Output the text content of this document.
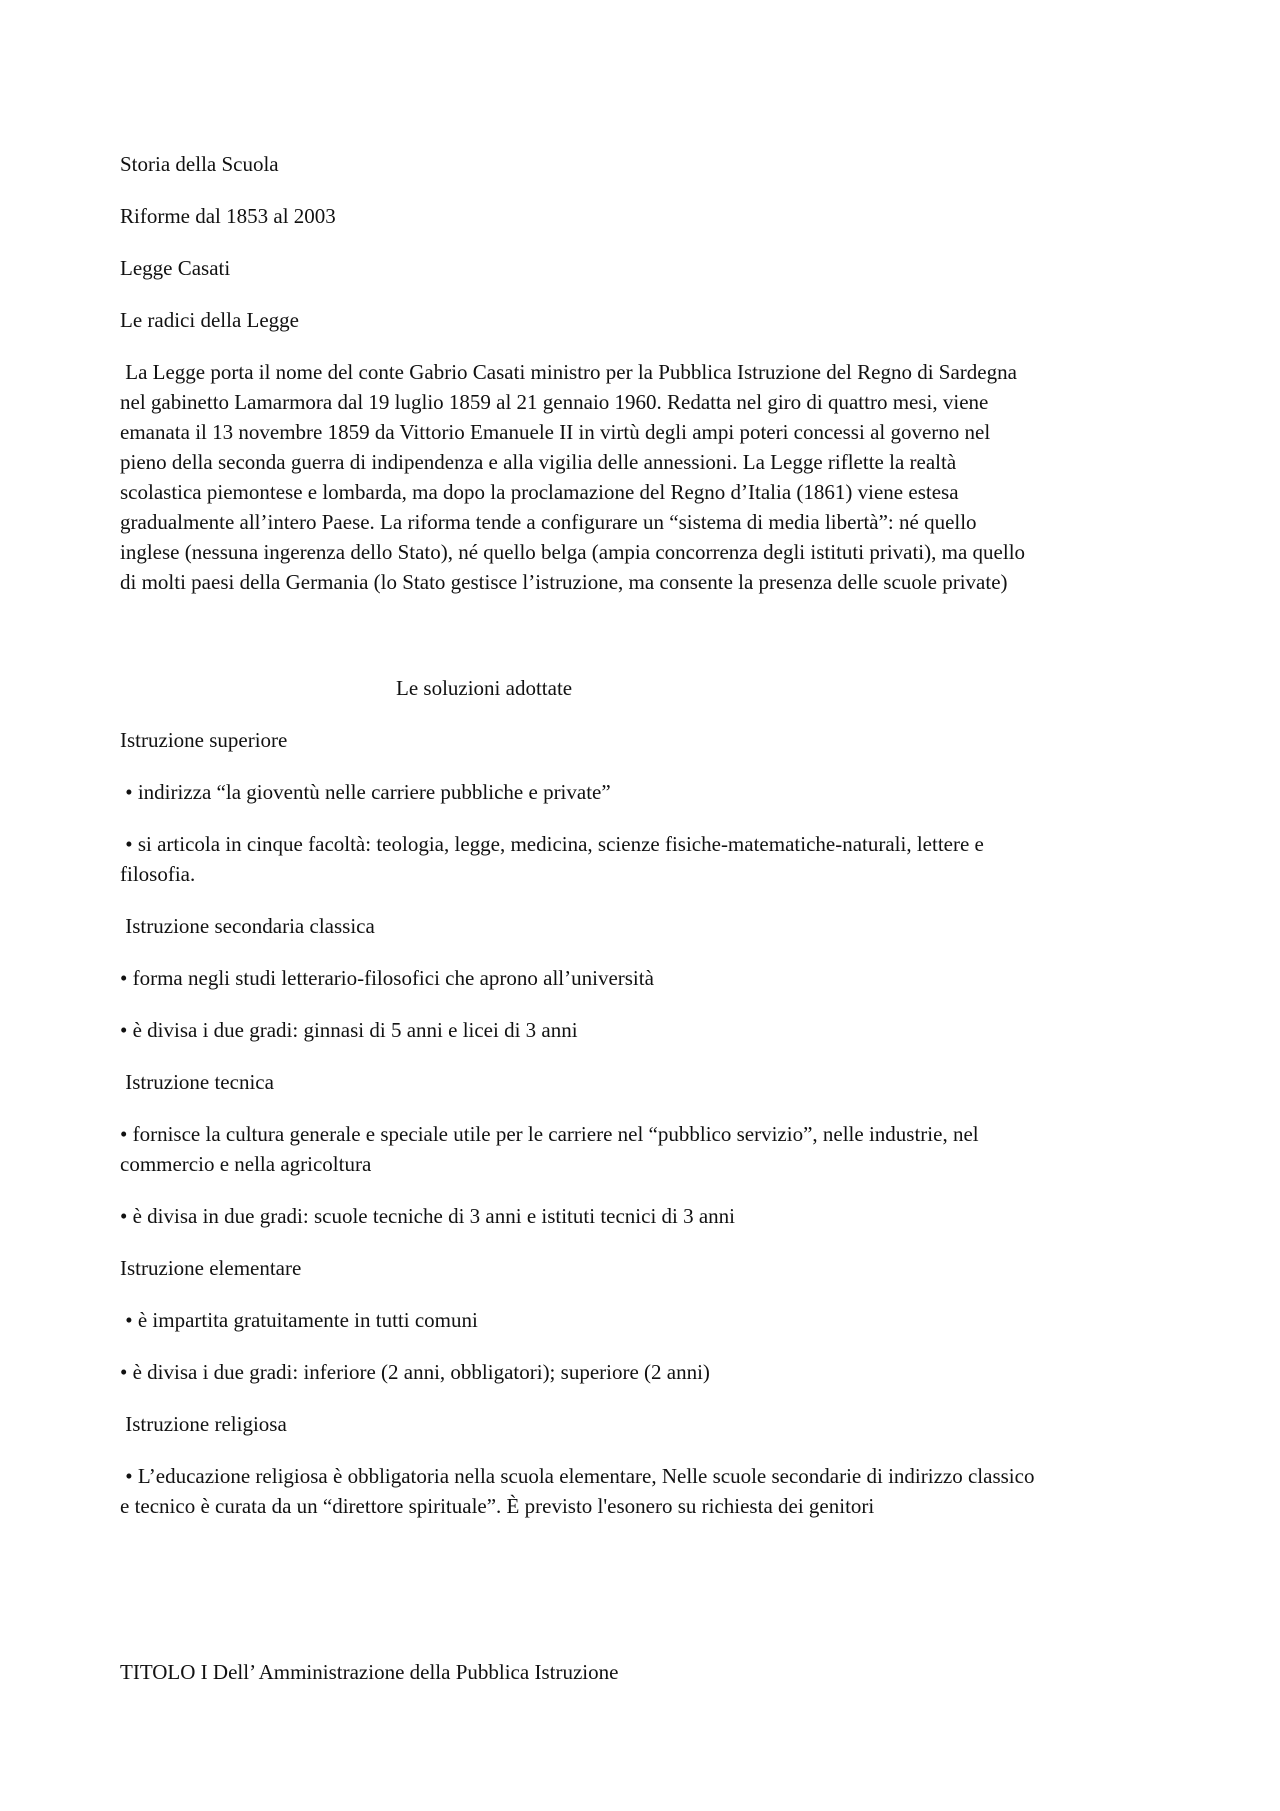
Storia della Scuola

Riforme dal 1853 al 2003

Legge Casati

Le radici della Legge

La Legge porta il nome del conte Gabrio Casati ministro per la Pubblica Istruzione del Regno di Sardegna
nel gabinetto Lamarmora dal 19 luglio 1859 al 21 gennaio 1960. Redatta nel giro di quattro mesi, viene
emanata il 13 novembre 1859 da Vittorio Emanuele II in virtù degli ampi poteri concessi al governo nel
pieno della seconda guerra di indipendenza e alla vigilia delle annessioni. La Legge riflette la realtà
scolastica piemontese e lombarda, ma dopo la proclamazione del Regno d’Italia (1861) viene estesa
gradualmente all’intero Paese. La riforma tende a configurare un “sistema di media libertà”: né quello
inglese (nessuna ingerenza dello Stato), né quello belga (ampia concorrenza degli istituti privati), ma quello
di molti paesi della Germania (lo Stato gestisce l’istruzione, ma consente la presenza delle scuole private)

Le soluzioni adottate

Istruzione superiore

• indirizza “la gioventù nelle carriere pubbliche e private”

• si articola in cinque facoltà: teologia, legge, medicina, scienze fisiche-matematiche-naturali, lettere e
filosofia.

Istruzione secondaria classica

• forma negli studi letterario-filosofici che aprono all’università

• è divisa i due gradi: ginnasi di 5 anni e licei di 3 anni

Istruzione tecnica

• fornisce la cultura generale e speciale utile per le carriere nel “pubblico servizio”, nelle industrie, nel
commercio e nella agricoltura

• è divisa in due gradi: scuole tecniche di 3 anni e istituti tecnici di 3 anni

Istruzione elementare

• è impartita gratuitamente in tutti comuni

• è divisa i due gradi: inferiore (2 anni, obbligatori); superiore (2 anni)

Istruzione religiosa

• L’educazione religiosa è obbligatoria nella scuola elementare, Nelle scuole secondarie di indirizzo classico
e tecnico è curata da un “direttore spirituale”. È previsto l'esonero su richiesta dei genitori

TITOLO I Dell’ Amministrazione della Pubblica Istruzione
